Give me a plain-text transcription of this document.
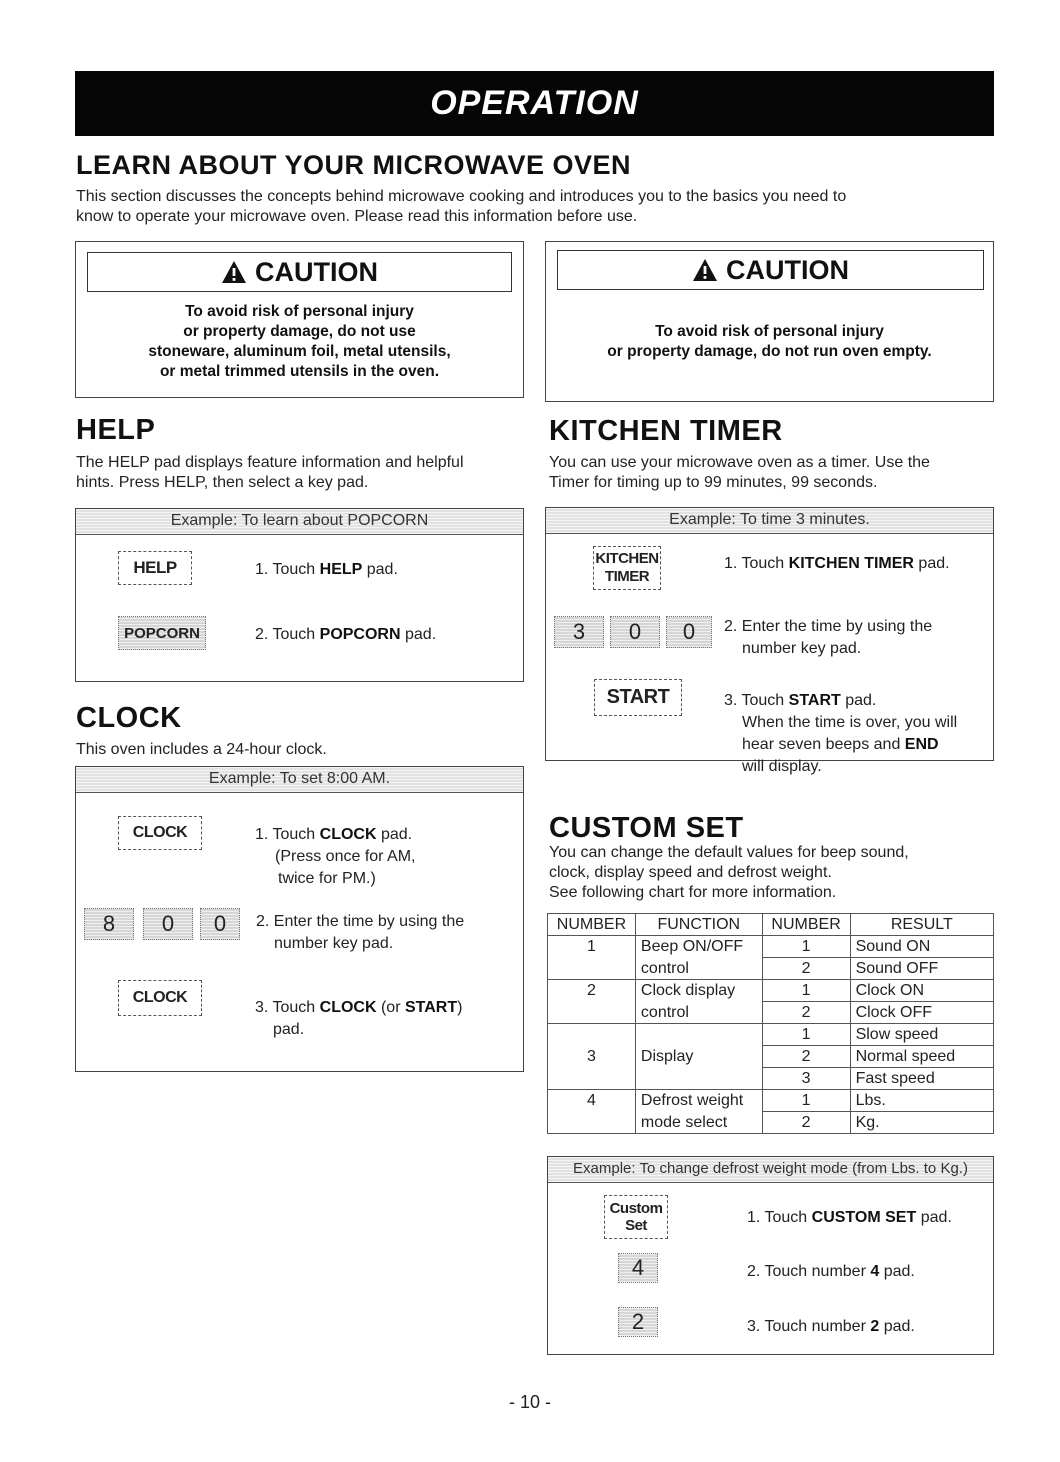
OPERATION
LEARN ABOUT YOUR MICROWAVE OVEN
This section discusses the concepts behind microwave cooking and introduces you to the basics you need to
know to operate your microwave oven. Please read this information before use.
CAUTION
To avoid risk of personal injury
or property damage, do not use
stoneware, aluminum foil, metal utensils,
or metal trimmed utensils in the oven.
CAUTION
To avoid risk of personal injury
or property damage, do not run oven empty.
HELP
The HELP pad displays feature information and helpful
hints. Press HELP, then select a key pad.
Example: To learn about POPCORN
HELP
POPCORN
1. Touch HELP pad.
2. Touch POPCORN pad.
CLOCK
This oven includes a 24-hour clock.
Example: To set 8:00 AM.
CLOCK
8	0	0
CLOCK
1. Touch CLOCK pad.
(Press once for AM,
twice for PM.)
2. Enter the time by using the
number key pad.
3. Touch CLOCK (or START)
pad.
KITCHEN TIMER
You can use your microwave oven as a timer. Use the
Timer for timing up to 99 minutes, 99 seconds.
Example: To time 3 minutes.
KITCHEN
TIMER
3	0	0
START
1. Touch KITCHEN TIMER pad.
2. Enter the time by using the
number key pad.
3. Touch START pad.
When the time is over, you will
hear seven beeps and END
will display.
CUSTOM SET
You can change the default values for beep sound,
clock, display speed and defrost weight.
See following chart for more information.
NUMBER	FUNCTION	NUMBER	RESULT
1	Beep ON/OFF	1	Sound ON
	control	2	Sound OFF
2	Clock display	1	Clock ON
	control	2	Clock OFF
3	Display	1	Slow speed
		2	Normal speed
		3	Fast speed
4	Defrost weight	1	Lbs.
	mode select	2	Kg.
Example: To change defrost weight mode (from Lbs. to Kg.)
Custom
Set
4
2
1. Touch CUSTOM SET pad.
2. Touch number 4 pad.
3. Touch number 2 pad.
- 10 -
